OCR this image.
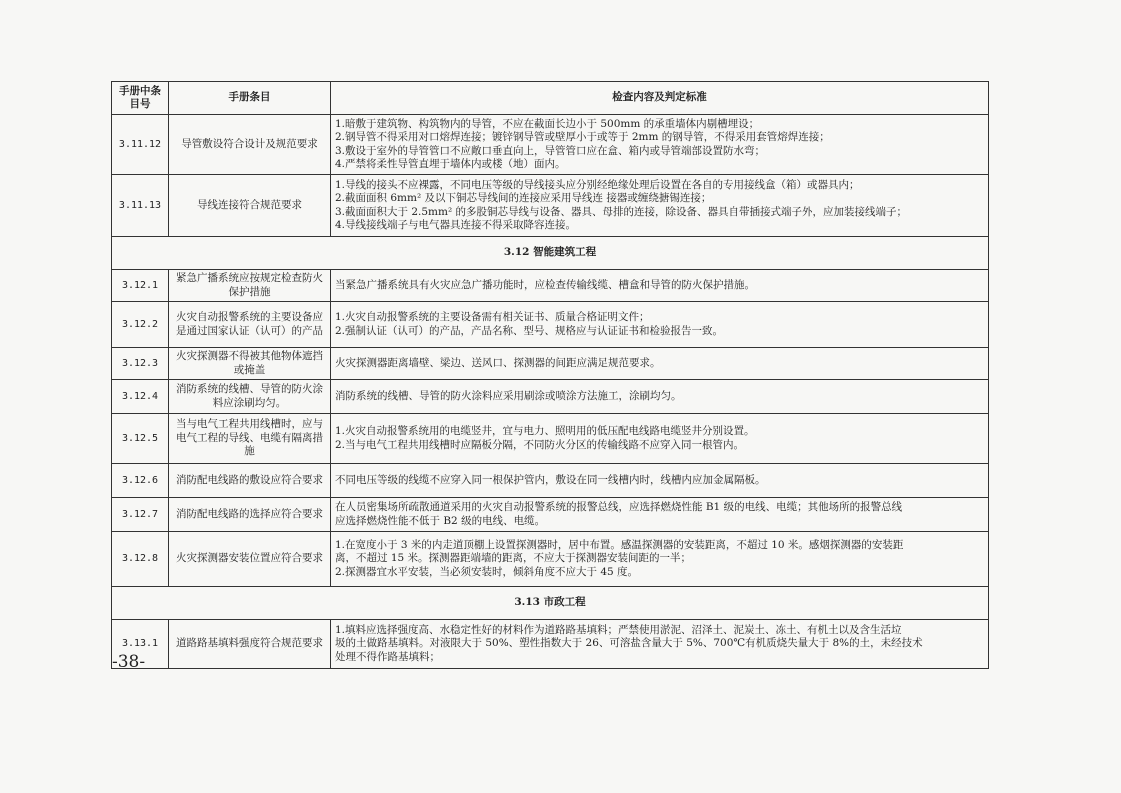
手册中条目号	手册条目	检查内容及判定标准
3.11.12	导管敷设符合设计及规范要求	1.暗敷于建筑物、构筑物内的导管，不应在截面长边小于 500mm 的承重墙体内剔槽埋设；
2.钢导管不得采用对口熔焊连接；镀锌钢导管或壁厚小于或等于 2mm 的钢导管，不得采用套管熔焊连接；
3.敷设于室外的导管管口不应敞口垂直向上，导管管口应在盒、箱内或导管端部设置防水弯；
4.严禁将柔性导管直埋于墙体内或楼（地）面内。

3.11.13	导线连接符合规范要求	1.导线的接头不应裸露，不同电压等级的导线接头应分别经绝缘处理后设置在各自的专用接线盒（箱）或器具内；
2.截面面积 6mm² 及以下铜芯导线间的连接应采用导线连 接器或缠绕搪锡连接；
3.截面面积大于 2.5mm² 的多股铜芯导线与设备、器具、母排的连接，除设备、器具自带插接式端子外，应加装接线端子；
4.导线接线端子与电气器具连接不得采取降容连接。

3.12 智能建筑工程		
3.12.1	紧急广播系统应按规定检查防火保护措施	当紧急广播系统具有火灾应急广播功能时，应检查传输线缆、槽盒和导管的防火保护措施。

3.12.2	火灾自动报警系统的主要设备应是通过国家认证（认可）的产品	1.火灾自动报警系统的主要设备需有相关证书、质量合格证明文件；
2.强制认证（认可）的产品，产品名称、型号、规格应与认证证书和检验报告一致。

3.12.3	火灾探测器不得被其他物体遮挡或掩盖	火灾探测器距离墙壁、梁边、送风口、探测器的间距应满足规范要求。

3.12.4	消防系统的线槽、导管的防火涂料应涂刷均匀。	消防系统的线槽、导管的防火涂料应采用刷涂或喷涂方法施工，涂刷均匀。

3.12.5	当与电气工程共用线槽时，应与电气工程的导线、电缆有隔离措施	1.火灾自动报警系统用的电缆竖井，宜与电力、照明用的低压配电线路电缆竖井分别设置。
2.当与电气工程共用线槽时应隔板分隔，不同防火分区的传输线路不应穿入同一根管内。

3.12.6	消防配电线路的敷设应符合要求	不同电压等级的线缆不应穿入同一根保护管内，敷设在同一线槽内时，线槽内应加金属隔板。

3.12.7	消防配电线路的选择应符合要求	在人员密集场所疏散通道采用的火灾自动报警系统的报警总线，应选择燃烧性能 B1 级的电线、电缆；其他场所的报警总线
应选择燃烧性能不低于 B2 级的电线、电缆。

3.12.8	火灾探测器安装位置应符合要求	1.在宽度小于 3 米的内走道顶棚上设置探测器时，居中布置。感温探测器的安装距离，不超过 10 米。感烟探测器的安装距
离，不超过 15 米。探测器距端墙的距离，不应大于探测器安装间距的一半；
2.探测器宜水平安装，当必须安装时，倾斜角度不应大于 45 度。

3.13 市政工程		
3.13.1	道路路基填料强度符合规范要求	1.填料应选择强度高、水稳定性好的材料作为道路路基填料；严禁使用淤泥、沼泽土、泥炭土、冻土、有机土以及含生活垃
圾的土做路基填料。对液限大于 50%、塑性指数大于 26、可溶盐含量大于 5%、700℃有机质烧失量大于 8%的土，未经技术
处理不得作路基填料；
-38-
